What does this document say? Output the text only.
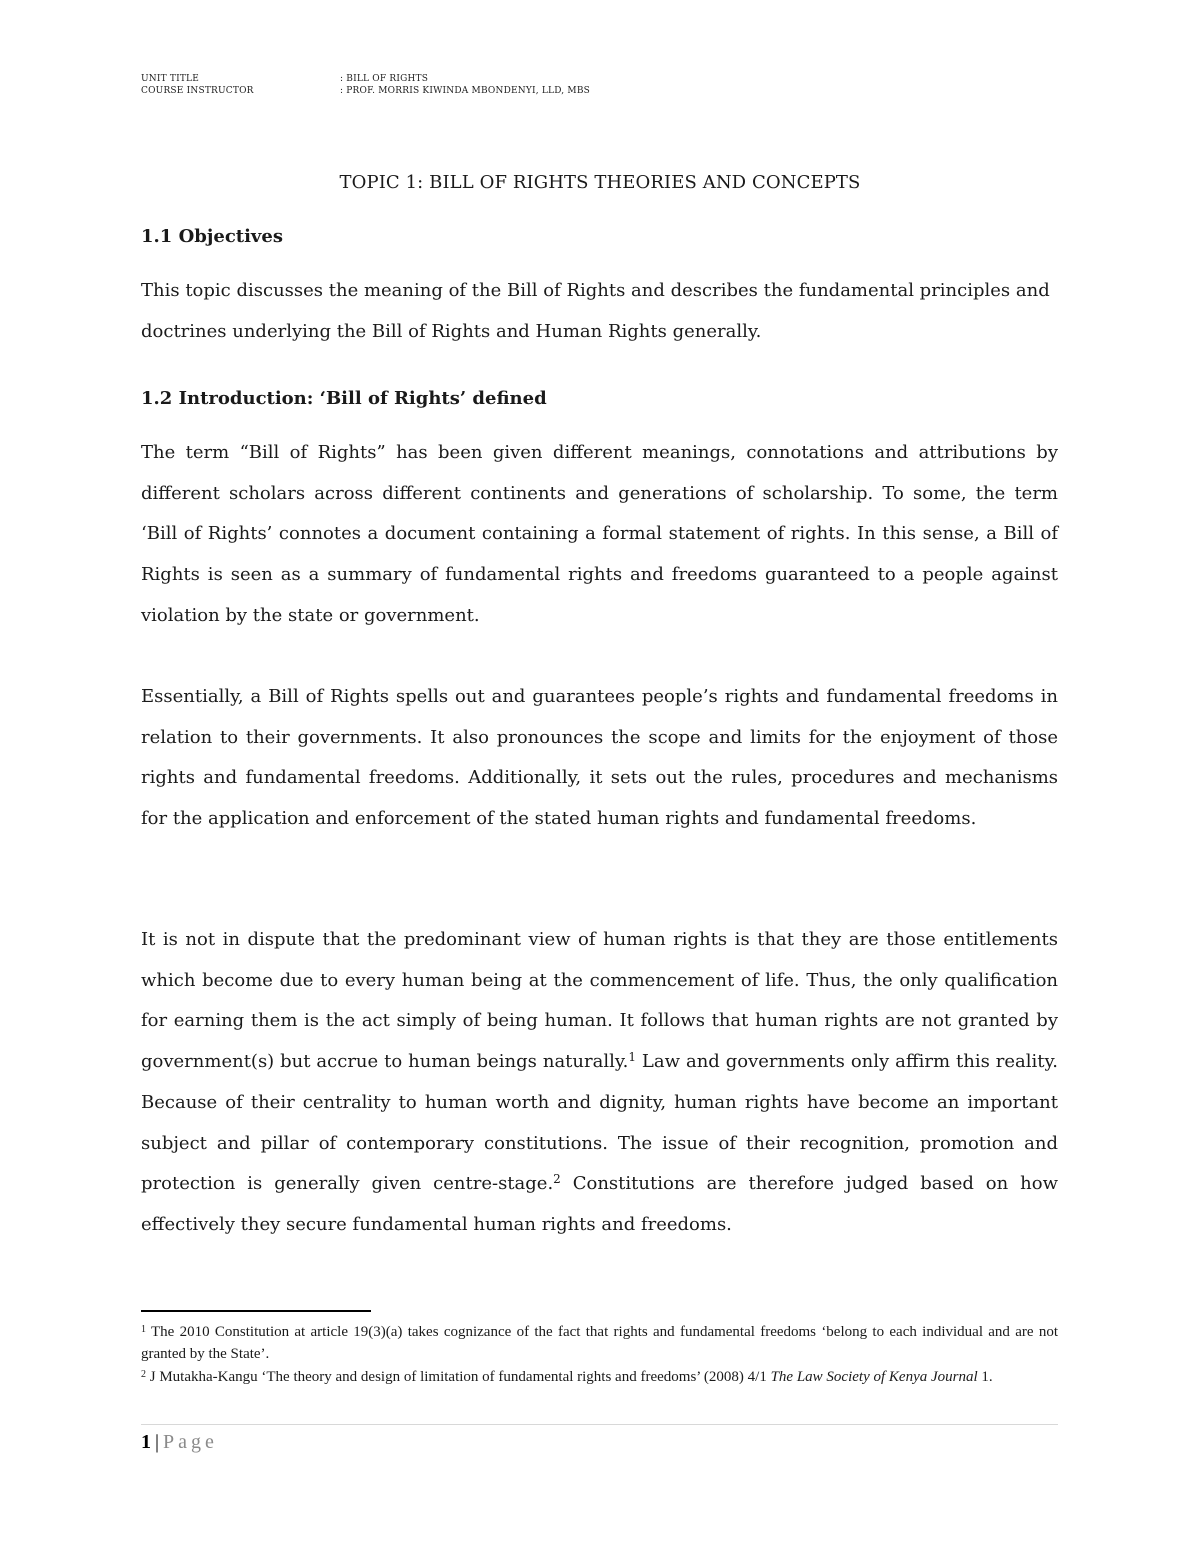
UNIT TITLE	: BILL OF RIGHTS
COURSE INSTRUCTOR	: PROF. MORRIS KIWINDA MBONDENYI, LLD, MBS
TOPIC 1: BILL OF RIGHTS THEORIES AND CONCEPTS
1.1 Objectives
This topic discusses the meaning of the Bill of Rights and describes the fundamental principles and doctrines underlying the Bill of Rights and Human Rights generally.
1.2 Introduction: ‘Bill of Rights’ defined
The term “Bill of Rights” has been given different meanings, connotations and attributions by different scholars across different continents and generations of scholarship. To some, the term ‘Bill of Rights’ connotes a document containing a formal statement of rights. In this sense, a Bill of Rights is seen as a summary of fundamental rights and freedoms guaranteed to a people against violation by the state or government.
Essentially, a Bill of Rights spells out and guarantees people’s rights and fundamental freedoms in relation to their governments. It also pronounces the scope and limits for the enjoyment of those rights and fundamental freedoms. Additionally, it sets out the rules, procedures and mechanisms for the application and enforcement of the stated human rights and fundamental freedoms.
It is not in dispute that the predominant view of human rights is that they are those entitlements which become due to every human being at the commencement of life. Thus, the only qualification for earning them is the act simply of being human. It follows that human rights are not granted by government(s) but accrue to human beings naturally.$^1$ Law and governments only affirm this reality. Because of their centrality to human worth and dignity, human rights have become an important subject and pillar of contemporary constitutions. The issue of their recognition, promotion and protection is generally given centre-stage.$^2$ Constitutions are therefore judged based on how effectively they secure fundamental human rights and freedoms.
$^1$ The 2010 Constitution at article 19(3)(a) takes cognizance of the fact that rights and fundamental freedoms ‘belong to each individual and are not granted by the State’.
$^2$ J Mutakha-Kangu ‘The theory and design of limitation of fundamental rights and freedoms’ (2008) 4/1 The Law Society of Kenya Journal 1.
1 | Page
